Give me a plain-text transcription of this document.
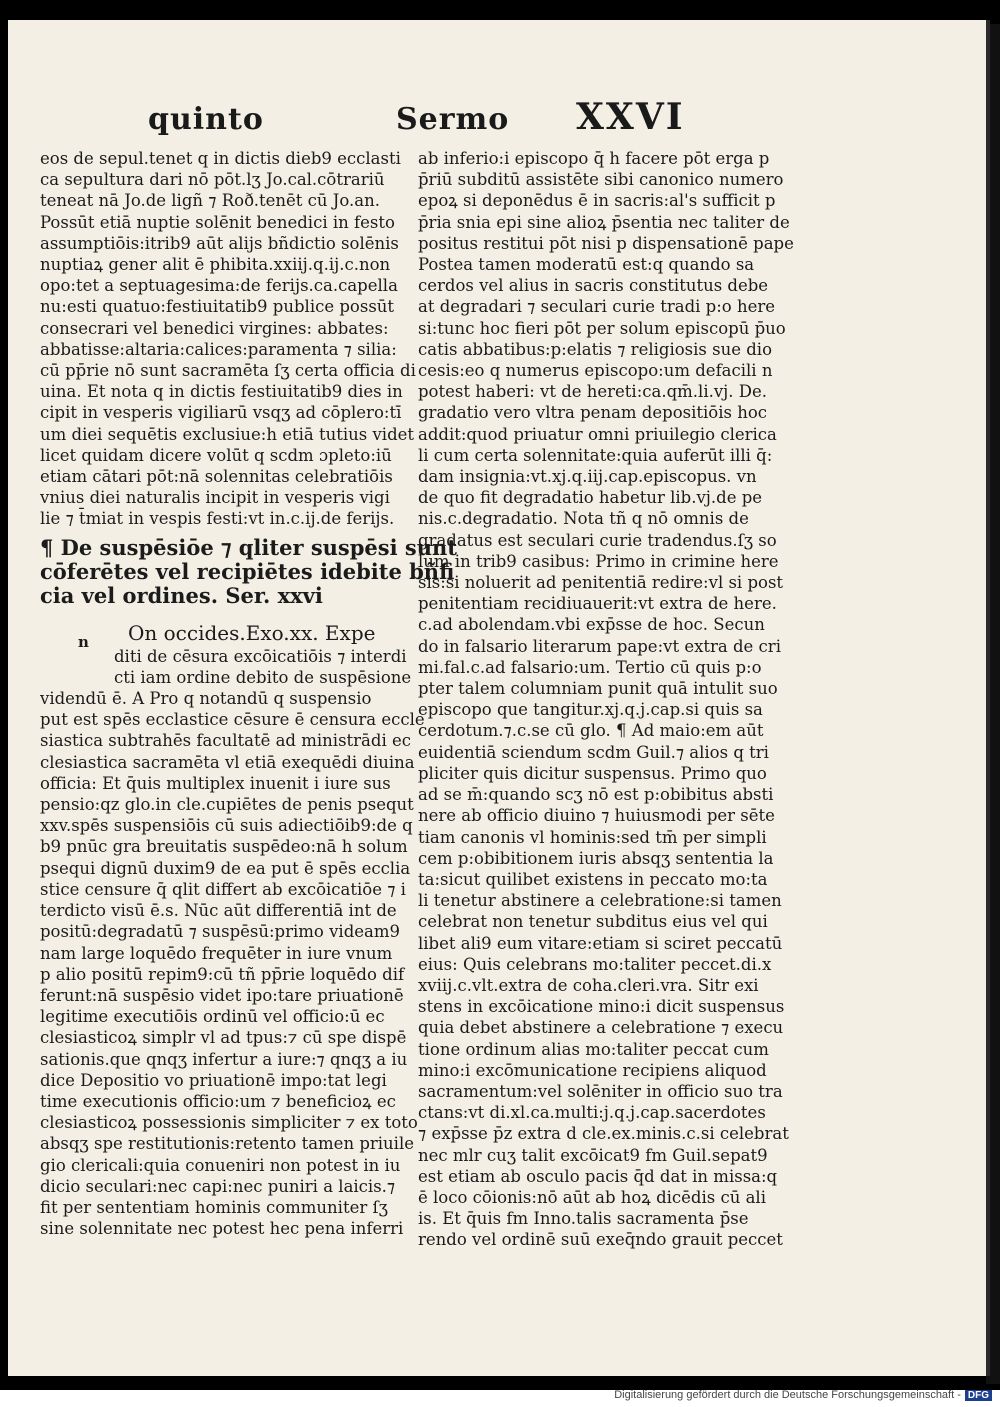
quinto	Sermo XXVI
eos de sepul.tenet q in dictis dieb9 ecclasti
ca sepultura dari nō pōt.lʒ Jo.cal.cōtrariū
teneat nā Jo.de ligñ ⁊ Roð.tenēt cū Jo.an.
Possūt etiā nuptie solēnit benedici in festo
assumptiōis:itrib9 aūt alijs bñdictio solēnis
nuptiaꝝ gener alit ē phibita.xxiij.q.ij.c.non
opo:tet a septuagesima:de ferijs.ca.capella
nu:esti quatuo:festiuitatib9 publice possūt
consecrari vel benedici virgines: abbates:
abbatisse:altaria:calices:paramenta ⁊ silia:
cū pp̄rie nō sunt sacramēta ſʒ certa officia di
uina. Et nota q in dictis festiuitatib9 dies in
cipit in vesperis vigiliarū vsqʒ ad cōplero:tī
um diei sequētis exclusiue:h etiā tutius videt
licet quidam dicere volūt q scdm ɔpleto:iū
etiam cātari pōt:nā solennitas celebratiōis
vnius diei naturalis incipit in vesperis vigi
lie ⁊ t̄miat in vespis festi:vt in.c.ij.de ferijs.
¶ De suspēsiōe ⁊ qliter suspēsi sunt
cōferētes vel recipiētes idebite bñfi
cia vel ordines. Ser. xxvi
On occides.Exo.xx. Expe
n
diti de cēsura excōicatiōis ⁊ interdi
cti iam ordine debito de suspēsione
videndū ē. A Pro q notandū q suspensio
put est spēs ecclastice cēsure ē censura eccle
siastica subtrahēs facultatē ad ministrādi ec
clesiastica sacramēta vl etiā exequēdi diuina
officia: Et q̄uis multiplex inuenit i iure sus
pensio:qz glo.in cle.cupiētes de penis psequt
xxv.spēs suspensiōis cū suis adiectiōib9:de q
b9 pnūc gra breuitatis suspēdeo:nā h solum
psequi dignū duxim9 de ea put ē spēs ecclia
stice censure q̄ qlit differt ab excōicatiōe ⁊ i
terdicto visū ē.s. Nūc aūt differentiā int de
positū:degradatū ⁊ suspēsū:primo videam9
nam large loquēdo frequēter in iure vnum
p alio positū repim9:cū tñ pp̄rie loquēdo dif
ferunt:nā suspēsio videt ipo:tare priuationē
legitime executiōis ordinū vel officio:ū ec
clesiasticoꝝ simplr vl ad tpus:⁊ cū spe dispē
sationis.que qnqʒ infertur a iure:⁊ qnqʒ a iu
dice Depositio vo priuationē impo:tat legi
time executionis officio:um ⁊ beneficioꝝ ec
clesiasticoꝝ possessionis simpliciter ⁊ ex toto
absqʒ spe restitutionis:retento tamen priuile
gio clericali:quia conueniri non potest in iu
dicio seculari:nec capi:nec puniri a laicis.⁊
fit per sententiam hominis communiter ſʒ
sine solennitate nec potest hec pena inferri
ab inferio:i episcopo q̄ h facere pōt erga p
p̄riū subditū assistēte sibi canonico numero
epoꝝ si deponēdus ē in sacris:al's sufficit p
p̄ria snia epi sine alioꝝ p̄sentia nec taliter de
positus restitui pōt nisi p dispensationē pape
Postea tamen moderatū est:q quando sa
cerdos vel alius in sacris constitutus debe
at degradari ⁊ seculari curie tradi p:o here
si:tunc hoc fieri pōt per solum episcopū p̄uo
catis abbatibus:p:elatis ⁊ religiosis sue dio
cesis:eo q numerus episcopo:um defacili n
potest haberi: vt de hereti:ca.qm̄.li.vj. De.
gradatio vero vltra penam depositiōis hoc
addit:quod priuatur omni priuilegio clerica
li cum certa solennitate:quia auferūt illi q̄:
dam insignia:vt.xj.q.iij.cap.episcopus. vn
de quo fit degradatio habetur lib.vj.de pe
nis.c.degradatio. Nota tñ q nō omnis de
gradatus est seculari curie tradendus.ſʒ so
lum in trib9 casibus: Primo in crimine here
sis:si noluerit ad penitentiā redire:vl si post
penitentiam recidiuauerit:vt extra de here.
c.ad abolendam.vbi exp̄sse de hoc. Secun
do in falsario literarum pape:vt extra de cri
mi.fal.c.ad falsario:um. Tertio cū quis p:o
pter talem columniam punit quā intulit suo
episcopo que tangitur.xj.q.j.cap.si quis sa
cerdotum.⁊.c.se cū glo. ¶ Ad maio:em aūt
euidentiā sciendum scdm Guil.⁊ alios q tri
pliciter quis dicitur suspensus. Primo quo
ad se m̄:quando scʒ nō est p:obibitus absti
nere ab officio diuino ⁊ huiusmodi per sēte
tiam canonis vl hominis:sed tm̄ per simpli
cem p:obibitionem iuris absqʒ sententia la
ta:sicut quilibet existens in peccato mo:ta
li tenetur abstinere a celebratione:si tamen
celebrat non tenetur subditus eius vel qui
libet ali9 eum vitare:etiam si sciret peccatū
eius: Quis celebrans mo:taliter peccet.di.x
xviij.c.vlt.extra de coha.cleri.vra. Sitr exi
stens in excōicatione mino:i dicit suspensus
quia debet abstinere a celebratione ⁊ execu
tione ordinum alias mo:taliter peccat cum
mino:i excōmunicatione recipiens aliquod
sacramentum:vel solēniter in officio suo tra
ctans:vt di.xl.ca.multi:j.q.j.cap.sacerdotes
⁊ exp̄sse p̄z extra d cle.ex.minis.c.si celebrat
nec mlr cuʒ talit excōicat9 fm Guil.sepat9
est etiam ab osculo pacis q̄d dat in missa:q
ē loco cōionis:nō aūt ab hoꝝ dicēdis cū ali
is. Et q̄uis fm Inno.talis sacramenta p̄se
rendo vel ordinē suū exeq̄ndo grauit peccet
Digitalisierung gefördert durch die Deutsche Forschungsgemeinschaft - DFG
